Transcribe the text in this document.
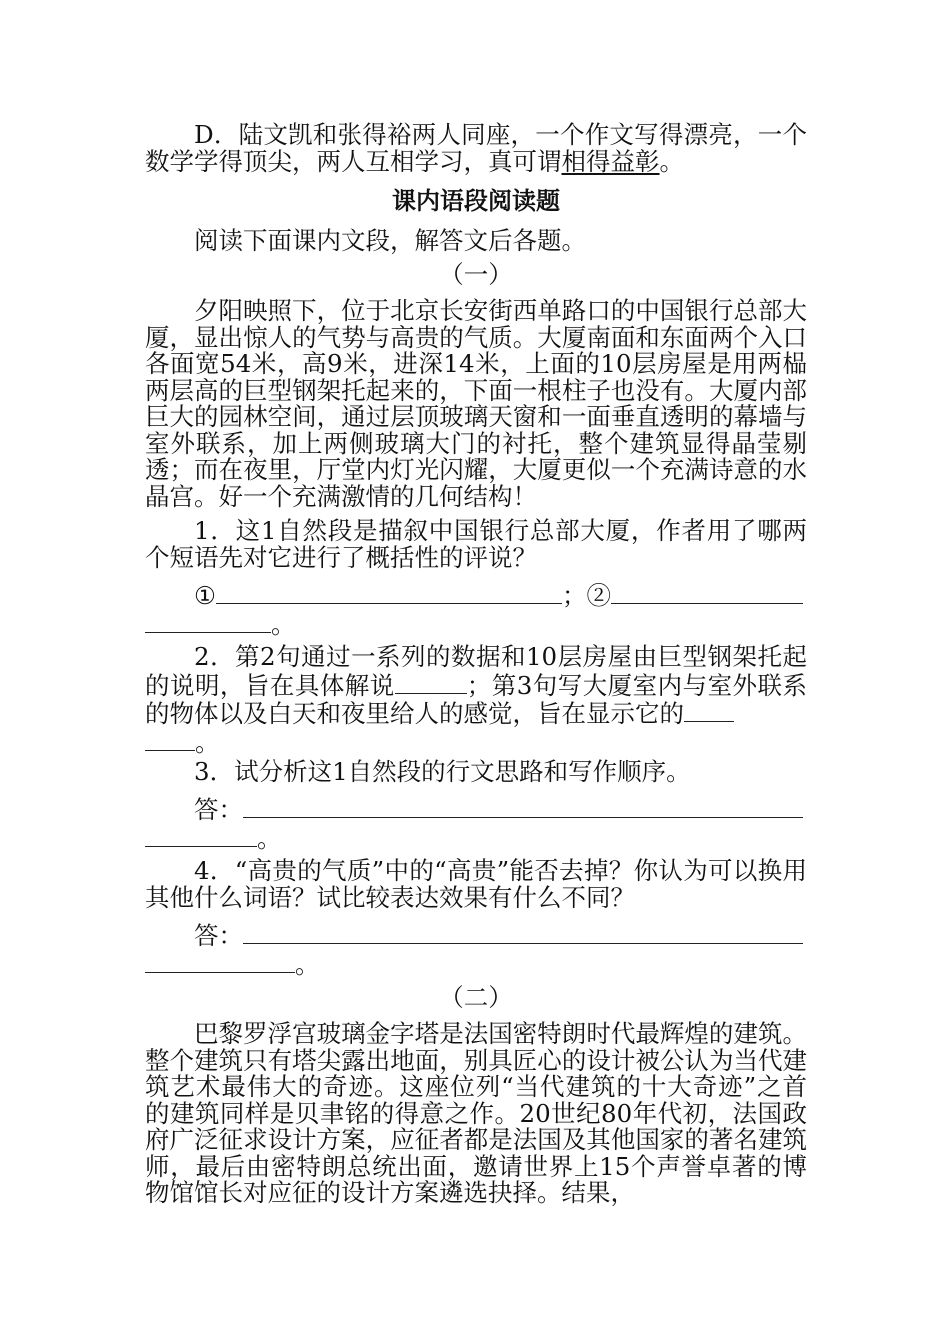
D．陆文凯和张得裕两人同座，一个作文写得漂亮，一个数学学得顶尖，两人互相学习，真可谓相得益彰。

课内语段阅读题

阅读下面课内文段，解答文后各题。

（一）

夕阳映照下，位于北京长安街西单路口的中国银行总部大厦，显出惊人的气势与高贵的气质。大厦南面和东面两个入口各面宽54米，高9米，进深14米，上面的10层房屋是用两榀两层高的巨型钢架托起来的，下面一根柱子也没有。大厦内部巨大的园林空间，通过层顶玻璃天窗和一面垂直透明的幕墙与室外联系，加上两侧玻璃大门的衬托，整个建筑显得晶莹剔透；而在夜里，厅堂内灯光闪耀，大厦更似一个充满诗意的水晶宫。好一个充满激情的几何结构！

1．这1自然段是描叙中国银行总部大厦，作者用了哪两个短语先对它进行了概括性的评说？

①	；②
。

2．第2句通过一系列的数据和10层房屋由巨型钢架托起的说明，旨在具体解说	；第3句写大厦室内与室外联系的物体以及白天和夜里给人的感觉，旨在显示它的
。

3．试分析这1自然段的行文思路和写作顺序。

答：
。

4．“高贵的气质”中的“高贵”能否去掉？你认为可以换用其他什么词语？试比较表达效果有什么不同？

答：
。

（二）

巴黎罗浮宫玻璃金字塔是法国密特朗时代最辉煌的建筑。整个建筑只有塔尖露出地面，别具匠心的设计被公认为当代建筑艺术最伟大的奇迹。这座位列“当代建筑的十大奇迹”之首的建筑同样是贝聿铭的得意之作。20世纪80年代初，法国政府广泛征求设计方案，应征者都是法国及其他国家的著名建筑师，最后由密特朗总统出面，邀请世界上15个声誉卓著的博物馆馆长对应征的设计方案遴选抉择。结果，
